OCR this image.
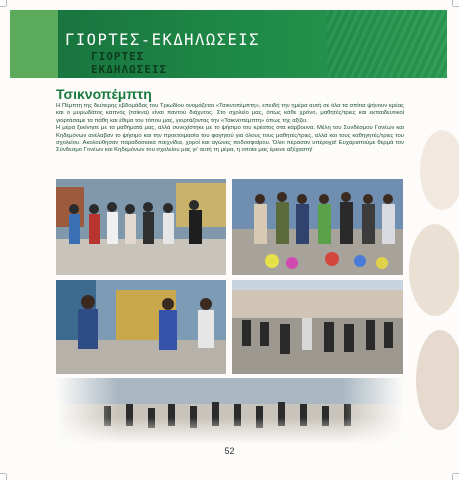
ΓΙΟΡΤΕΣ-ΕΚΔΗΛΩΣΕΙΣ
ΓΙΟΡΤΕΣ
ΕΚΔΗΛΩΣΕΙΣ
Τσικνοπέμπτη

Η Πέμπτη της δεύτερης εβδομάδας του Τριωδίου ονομάζεται «Τσικνοπέμπτη», επειδή την ημέρα αυτή σε όλα τα σπίτια ψήνουν κρέας και ο μυρωδάτος καπνός (τσίκνα) είναι παντού διάχυτος. Στο σχολείο μας, όπως κάθε χρόνο, μαθητές/τριες και εκπαιδευτικοί γιορτάσαμε τα πάθη και έθιμα του τόπου μας, γιορτάζοντας την «Τσικνοπέμπτη» όπως της αξίζει.

Η μέρα ξεκίνησε με τα μαθήματά μας, αλλά συνεχίστηκε με το ψήσιμο του κρέατος στα κάρβουνα. Μέλη του Συνδέσμου Γονέων και Κηδεμόνων ανέλαβαν το ψήσιμο και την προετοιμασία του φαγητού για όλους τους μαθητές/τριες, αλλά και τους καθηγητές/τριες του σχολείου. Ακολούθησαν παραδοσιακά παιχνίδια, χοροί και αγώνες ποδοσφαίρου. Όλοι πέρασαν υπέροχα! Ευχαριστούμε θερμά τον Σύνδεσμο Γονέων και Κηδεμόνων του σχολείου μας γι' αυτή τη μέρα, η οποία μας έμεινε αξέχαστη!

52
